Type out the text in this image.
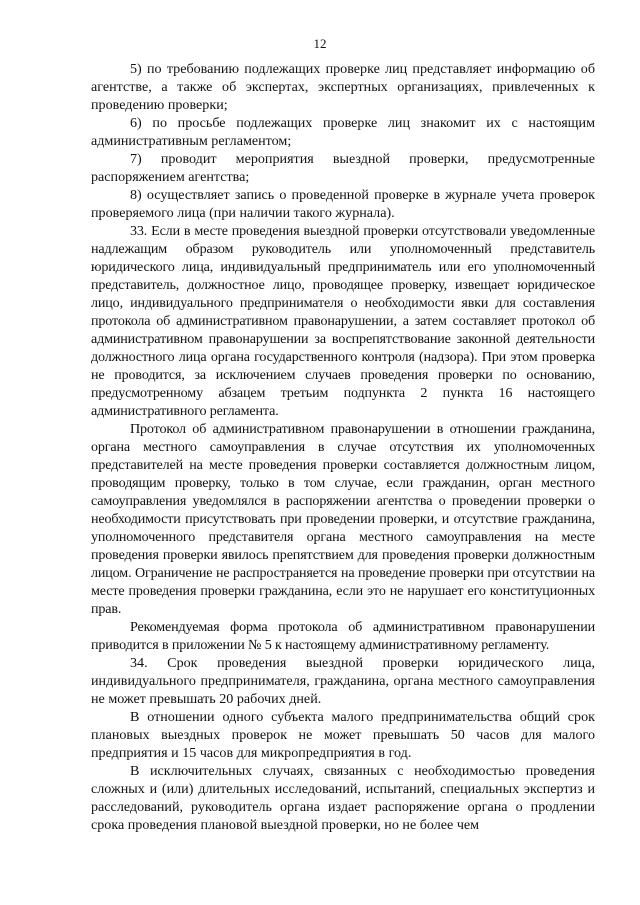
12

5) по требованию подлежащих проверке лиц представляет информацию об агентстве, а также об экспертах, экспертных организациях, привлеченных к проведению проверки;

6) по просьбе подлежащих проверке лиц знакомит их с настоящим административным регламентом;

7) проводит мероприятия выездной проверки, предусмотренные распоряжением агентства;

8) осуществляет запись о проведенной проверке в журнале учета проверок проверяемого лица (при наличии такого журнала).

33. Если в месте проведения выездной проверки отсутствовали уведомленные надлежащим образом руководитель или уполномоченный представитель юридического лица, индивидуальный предприниматель или его уполномоченный представитель, должностное лицо, проводящее проверку, извещает юридическое лицо, индивидуального предпринимателя о необходимости явки для составления протокола об административном правонарушении, а затем составляет протокол об административном правонарушении за воспрепятствование законной деятельности должностного лица органа государственного контроля (надзора). При этом проверка не проводится, за исключением случаев проведения проверки по основанию, предусмотренному абзацем третьим подпункта 2 пункта 16 настоящего административного регламента.

Протокол об административном правонарушении в отношении гражданина, органа местного самоуправления в случае отсутствия их уполномоченных представителей на месте проведения проверки составляется должностным лицом, проводящим проверку, только в том случае, если гражданин, орган местного самоуправления уведомлялся в распоряжении агентства о проведении проверки о необходимости присутствовать при проведении проверки, и отсутствие гражданина, уполномоченного представителя органа местного самоуправления на месте проведения проверки явилось препятствием для проведения проверки должностным лицом. Ограничение не распространяется на проведение проверки при отсутствии на месте проведения проверки гражданина, если это не нарушает его конституционных прав.

Рекомендуемая форма протокола об административном правонарушении приводится в приложении № 5 к настоящему административному регламенту.

34. Срок проведения выездной проверки юридического лица, индивидуального предпринимателя, гражданина, органа местного самоуправления не может превышать 20 рабочих дней.

В отношении одного субъекта малого предпринимательства общий срок плановых выездных проверок не может превышать 50 часов для малого предприятия и 15 часов для микропредприятия в год.

В исключительных случаях, связанных с необходимостью проведения сложных и (или) длительных исследований, испытаний, специальных экспертиз и расследований, руководитель органа издает распоряжение органа о продлении срока проведения плановой выездной проверки, но не более чем
